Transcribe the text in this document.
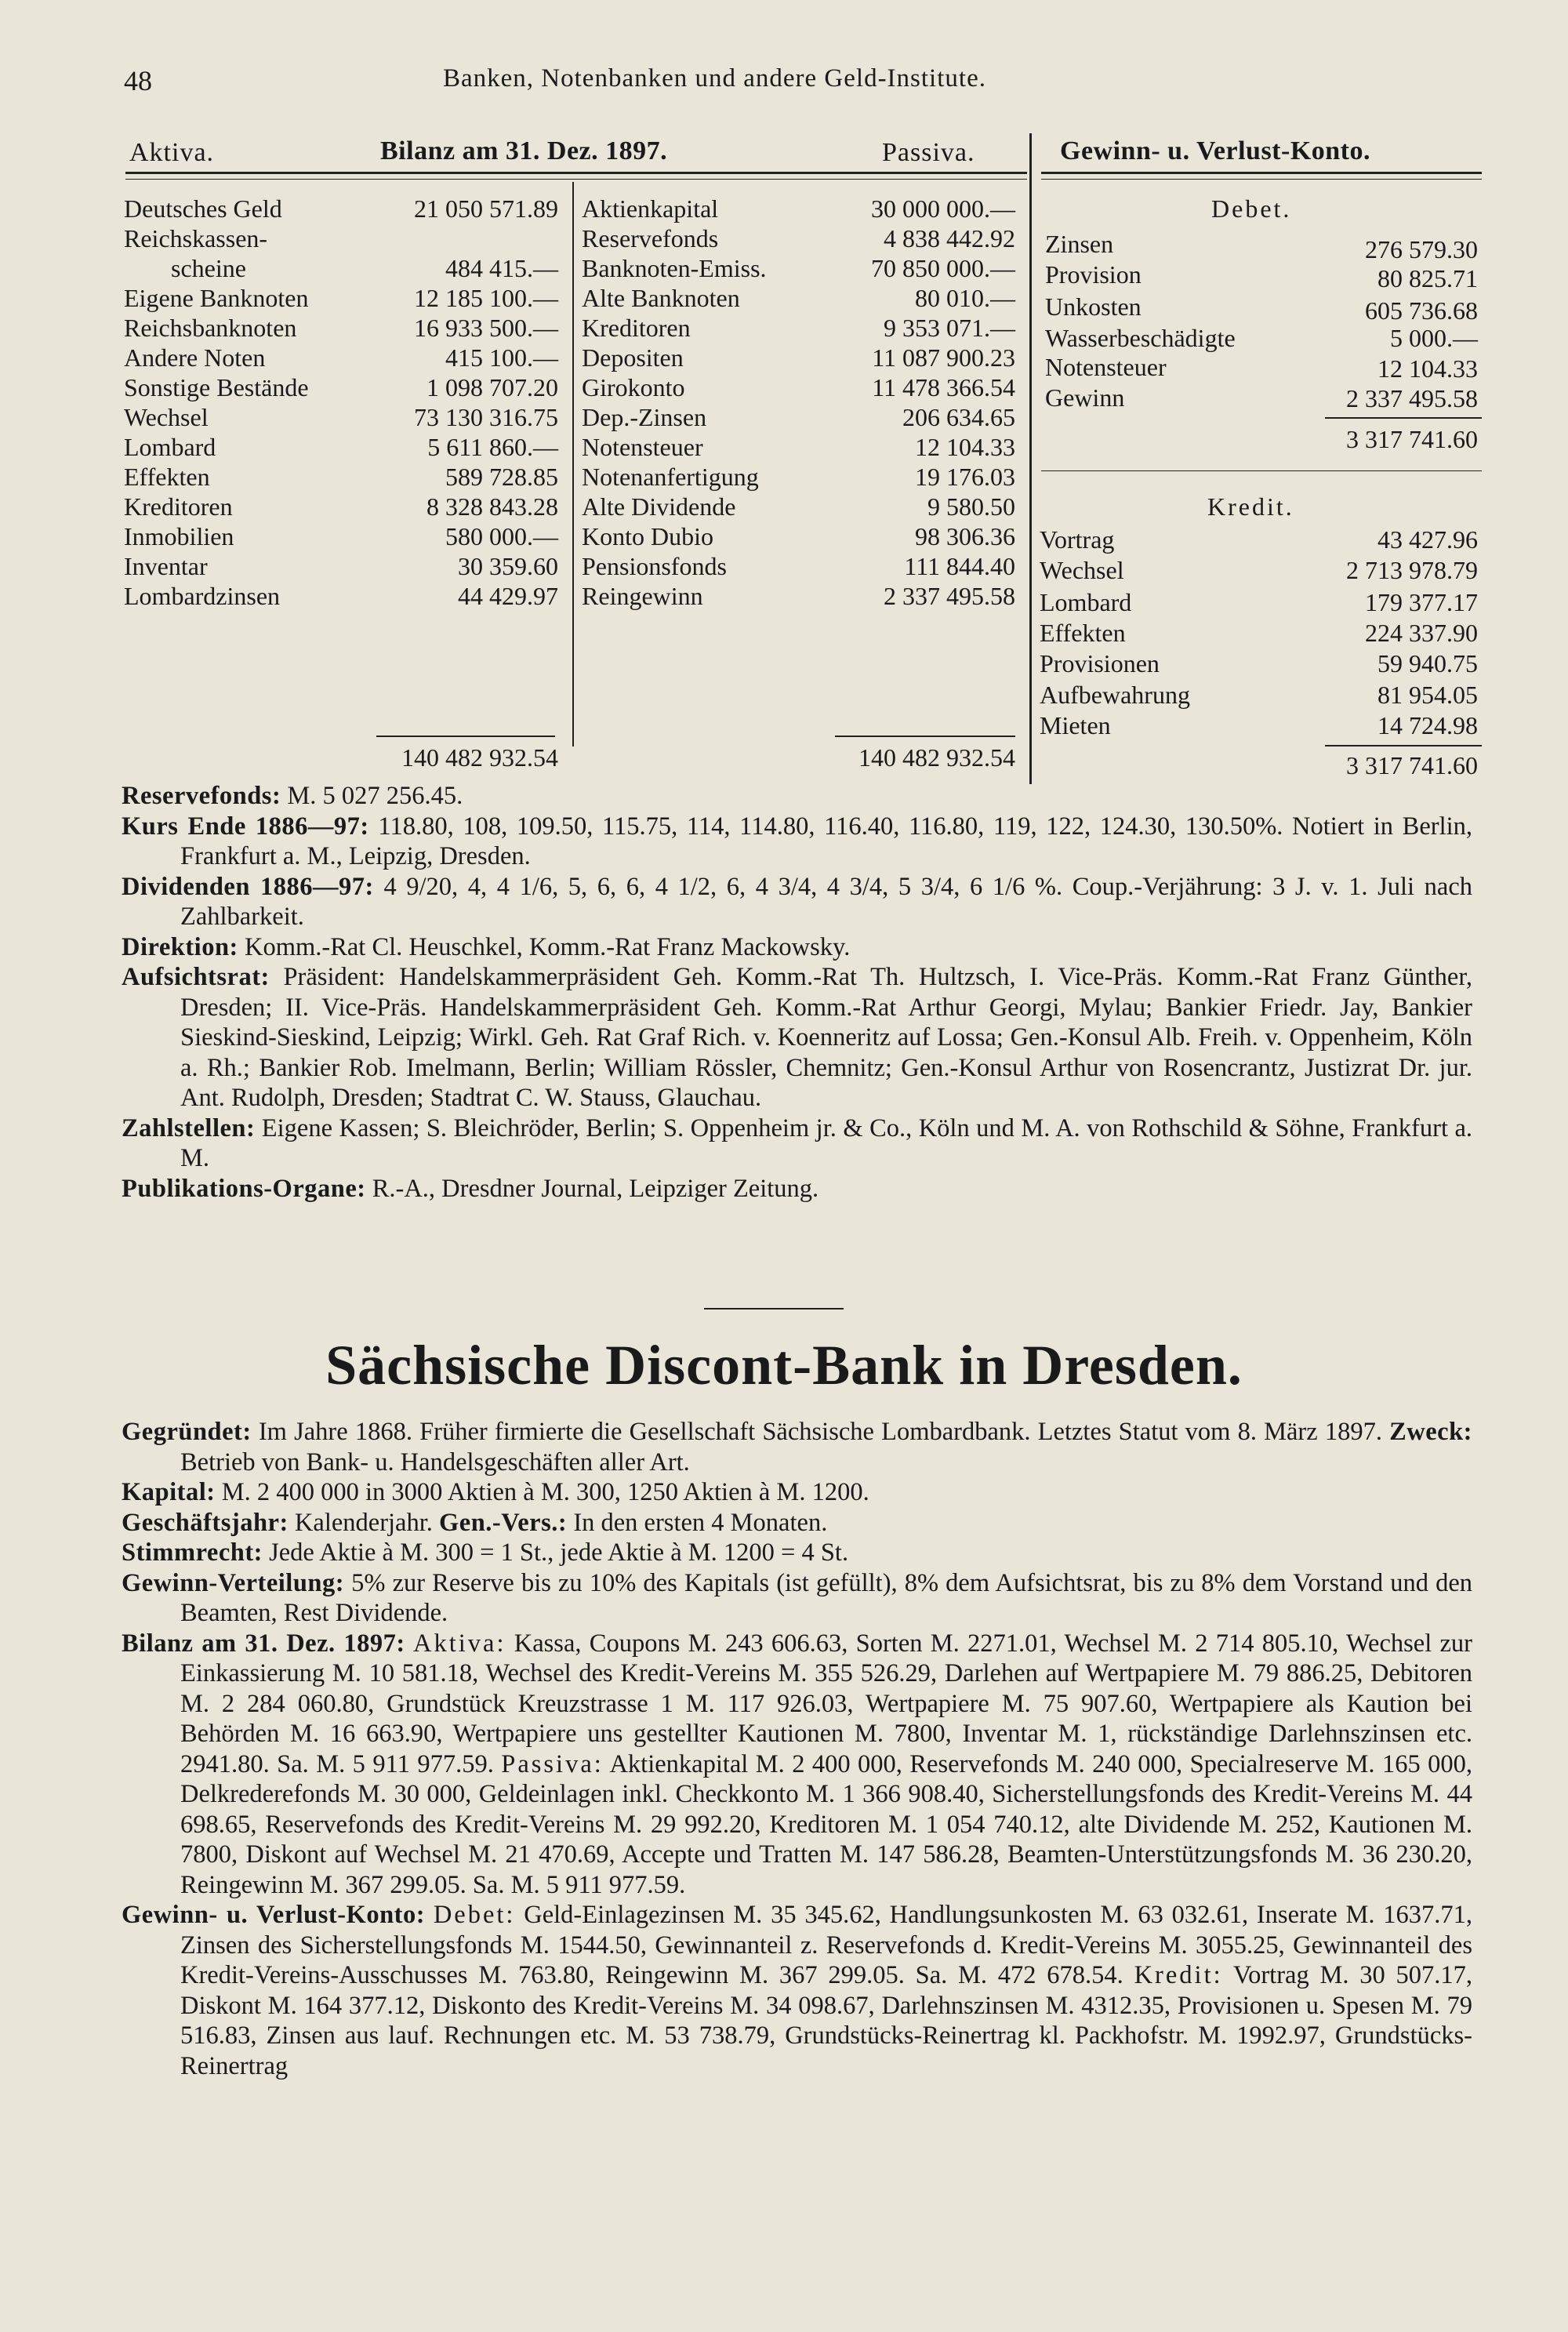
48	Banken, Notenbanken und andere Geld-Institute.
Aktiva.	Bilanz am 31. Dez. 1897.	Passiva.	Gewinn- u. Verlust-Konto.
Deutsches Geld	21 050 571.89
Reichskassen-
scheine	484 415.—
Eigene Banknoten	12 185 100.—
Reichsbanknoten	16 933 500.—
Andere Noten	415 100.—
Sonstige Bestände	1 098 707.20
Wechsel	73 130 316.75
Lombard	5 611 860.—
Effekten	589 728.85
Kreditoren	8 328 843.28
Inmobilien	580 000.—
Inventar	30 359.60
Lombardzinsen	44 429.97
140 482 932.54
Aktienkapital	30 000 000.—
Reservefonds	4 838 442.92
Banknoten-Emiss.	70 850 000.—
Alte Banknoten	80 010.—
Kreditoren	9 353 071.—
Depositen	11 087 900.23
Girokonto	11 478 366.54
Dep.-Zinsen	206 634.65
Notensteuer	12 104.33
Notenanfertigung	19 176.03
Alte Dividende	9 580.50
Konto Dubio	98 306.36
Pensionsfonds	111 844.40
Reingewinn	2 337 495.58
140 482 932.54
Debet.
Zinsen	276 579.30
Provision	80 825.71
Unkosten	605 736.68
Wasserbeschädigte	5 000.—
Notensteuer	12 104.33
Gewinn	2 337 495.58
3 317 741.60
Kredit.
Vortrag	43 427.96
Wechsel	2 713 978.79
Lombard	179 377.17
Effekten	224 337.90
Provisionen	59 940.75
Aufbewahrung	81 954.05
Mieten	14 724.98
3 317 741.60
Reservefonds: M. 5 027 256.45.
Kurs Ende 1886—97: 118.80, 108, 109.50, 115.75, 114, 114.80, 116.40, 116.80, 119, 122, 124.30, 130.50%. Notiert in Berlin, Frankfurt a. M., Leipzig, Dresden.
Dividenden 1886—97: 4 9/20, 4, 4 1/6, 5, 6, 6, 4 1/2, 6, 4 3/4, 4 3/4, 5 3/4, 6 1/6 %. Coup.-Verjährung: 3 J. v. 1. Juli nach Zahlbarkeit.
Direktion: Komm.-Rat Cl. Heuschkel, Komm.-Rat Franz Mackowsky.
Aufsichtsrat: Präsident: Handelskammerpräsident Geh. Komm.-Rat Th. Hultzsch, I. Vice-Präs. Komm.-Rat Franz Günther, Dresden; II. Vice-Präs. Handelskammerpräsident Geh. Komm.-Rat Arthur Georgi, Mylau; Bankier Friedr. Jay, Bankier Sieskind-Sieskind, Leipzig; Wirkl. Geh. Rat Graf Rich. v. Koenneritz auf Lossa; Gen.-Konsul Alb. Freih. v. Oppenheim, Köln a. Rh.; Bankier Rob. Imelmann, Berlin; William Rössler, Chemnitz; Gen.-Konsul Arthur von Rosencrantz, Justizrat Dr. jur. Ant. Rudolph, Dresden; Stadtrat C. W. Stauss, Glauchau.
Zahlstellen: Eigene Kassen; S. Bleichröder, Berlin; S. Oppenheim jr. & Co., Köln und M. A. von Rothschild & Söhne, Frankfurt a. M.
Publikations-Organe: R.-A., Dresdner Journal, Leipziger Zeitung.
Sächsische Discont-Bank in Dresden.
Gegründet: Im Jahre 1868. Früher firmierte die Gesellschaft Sächsische Lombardbank. Letztes Statut vom 8. März 1897. Zweck: Betrieb von Bank- u. Handelsgeschäften aller Art.
Kapital: M. 2 400 000 in 3000 Aktien à M. 300, 1250 Aktien à M. 1200.
Geschäftsjahr: Kalenderjahr. Gen.-Vers.: In den ersten 4 Monaten.
Stimmrecht: Jede Aktie à M. 300 = 1 St., jede Aktie à M. 1200 = 4 St.
Gewinn-Verteilung: 5% zur Reserve bis zu 10% des Kapitals (ist gefüllt), 8% dem Aufsichtsrat, bis zu 8% dem Vorstand und den Beamten, Rest Dividende.
Bilanz am 31. Dez. 1897: Aktiva: Kassa, Coupons M. 243 606.63, Sorten M. 2271.01, Wechsel M. 2 714 805.10, Wechsel zur Einkassierung M. 10 581.18, Wechsel des Kredit-Vereins M. 355 526.29, Darlehen auf Wertpapiere M. 79 886.25, Debitoren M. 2 284 060.80, Grundstück Kreuzstrasse 1 M. 117 926.03, Wertpapiere M. 75 907.60, Wertpapiere als Kaution bei Behörden M. 16 663.90, Wertpapiere uns gestellter Kautionen M. 7800, Inventar M. 1, rückständige Darlehnszinsen etc. 2941.80. Sa. M. 5 911 977.59. Passiva: Aktienkapital M. 2 400 000, Reservefonds M. 240 000, Specialreserve M. 165 000, Delkrederefonds M. 30 000, Geldeinlagen inkl. Checkkonto M. 1 366 908.40, Sicherstellungsfonds des Kredit-Vereins M. 44 698.65, Reservefonds des Kredit-Vereins M. 29 992.20, Kreditoren M. 1 054 740.12, alte Dividende M. 252, Kautionen M. 7800, Diskont auf Wechsel M. 21 470.69, Accepte und Tratten M. 147 586.28, Beamten-Unterstützungsfonds M. 36 230.20, Reingewinn M. 367 299.05. Sa. M. 5 911 977.59.
Gewinn- u. Verlust-Konto: Debet: Geld-Einlagezinsen M. 35 345.62, Handlungsunkosten M. 63 032.61, Inserate M. 1637.71, Zinsen des Sicherstellungsfonds M. 1544.50, Gewinnanteil z. Reservefonds d. Kredit-Vereins M. 3055.25, Gewinnanteil des Kredit-Vereins-Ausschusses M. 763.80, Reingewinn M. 367 299.05. Sa. M. 472 678.54. Kredit: Vortrag M. 30 507.17, Diskont M. 164 377.12, Diskonto des Kredit-Vereins M. 34 098.67, Darlehnszinsen M. 4312.35, Provisionen u. Spesen M. 79 516.83, Zinsen aus lauf. Rechnungen etc. M. 53 738.79, Grundstücks-Reinertrag kl. Packhofstr. M. 1992.97, Grundstücks-Reinertrag
